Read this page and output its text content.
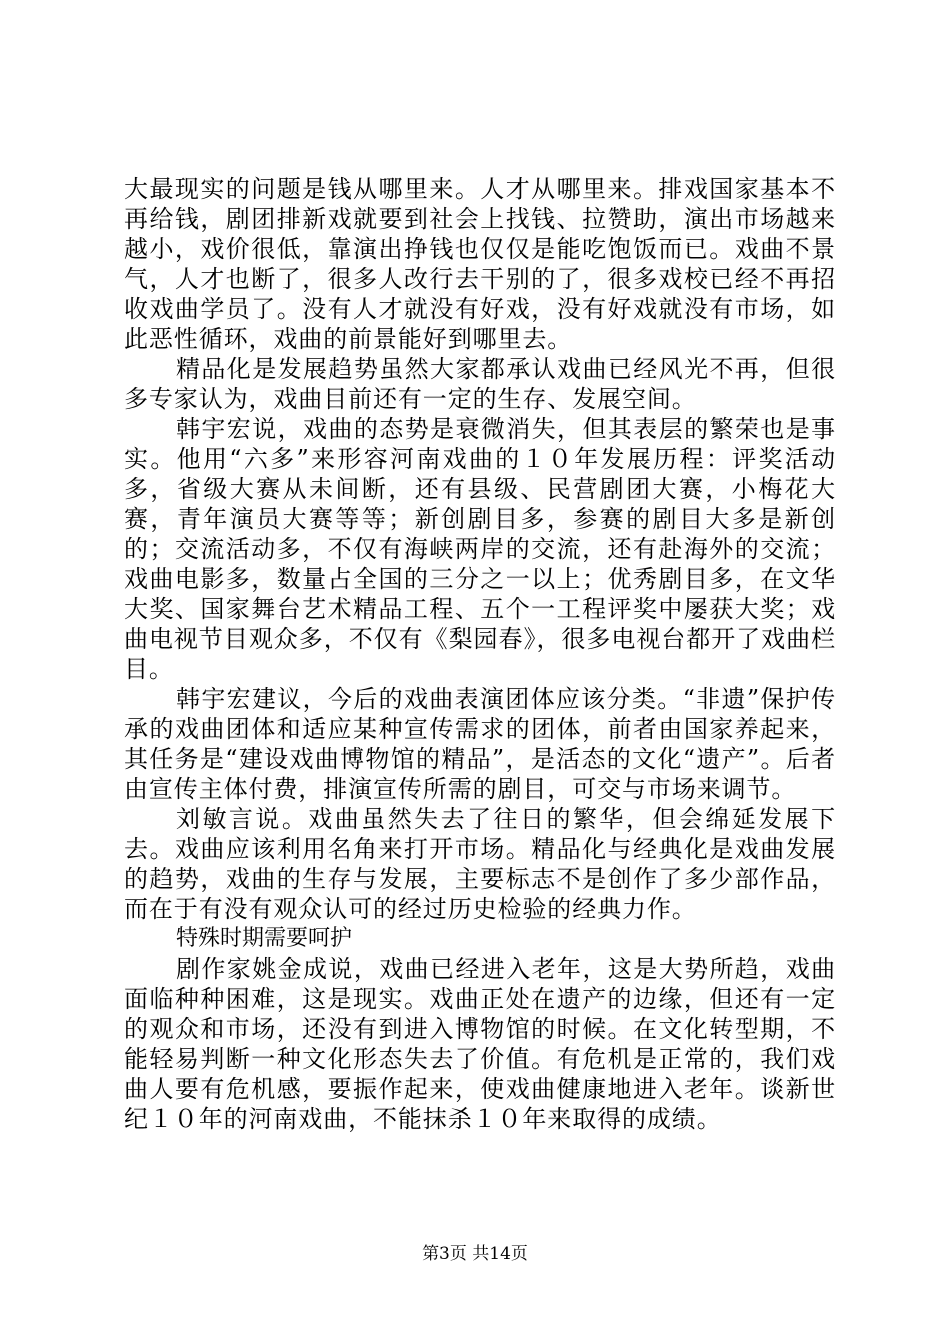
大最现实的问题是钱从哪里来。人才从哪里来。排戏国家基本不再给钱，剧团排新戏就要到社会上找钱、拉赞助，演出市场越来越小，戏价很低，靠演出挣钱也仅仅是能吃饱饭而已。戏曲不景气，人才也断了，很多人改行去干别的了，很多戏校已经不再招收戏曲学员了。没有人才就没有好戏，没有好戏就没有市场，如此恶性循环，戏曲的前景能好到哪里去。

精品化是发展趋势虽然大家都承认戏曲已经风光不再，但很多专家认为，戏曲目前还有一定的生存、发展空间。

韩宇宏说，戏曲的态势是衰微消失，但其表层的繁荣也是事实。他用“六多”来形容河南戏曲的１０年发展历程：评奖活动多，省级大赛从未间断，还有县级、民营剧团大赛，小梅花大赛，青年演员大赛等等；新创剧目多，参赛的剧目大多是新创的；交流活动多，不仅有海峡两岸的交流，还有赴海外的交流；戏曲电影多，数量占全国的三分之一以上；优秀剧目多，在文华大奖、国家舞台艺术精品工程、五个一工程评奖中屡获大奖；戏曲电视节目观众多，不仅有《梨园春》，很多电视台都开了戏曲栏目。

韩宇宏建议，今后的戏曲表演团体应该分类。“非遗”保护传承的戏曲团体和适应某种宣传需求的团体，前者由国家养起来，其任务是“建设戏曲博物馆的精品”，是活态的文化“遗产”。后者由宣传主体付费，排演宣传所需的剧目，可交与市场来调节。

刘敏言说。戏曲虽然失去了往日的繁华，但会绵延发展下去。戏曲应该利用名角来打开市场。精品化与经典化是戏曲发展的趋势，戏曲的生存与发展，主要标志不是创作了多少部作品，而在于有没有观众认可的经过历史检验的经典力作。

特殊时期需要呵护

剧作家姚金成说，戏曲已经进入老年，这是大势所趋，戏曲面临种种困难，这是现实。戏曲正处在遗产的边缘，但还有一定的观众和市场，还没有到进入博物馆的时候。在文化转型期，不能轻易判断一种文化形态失去了价值。有危机是正常的，我们戏曲人要有危机感，要振作起来，使戏曲健康地进入老年。谈新世纪１０年的河南戏曲，不能抹杀１０年来取得的成绩。

第3页 共14页
